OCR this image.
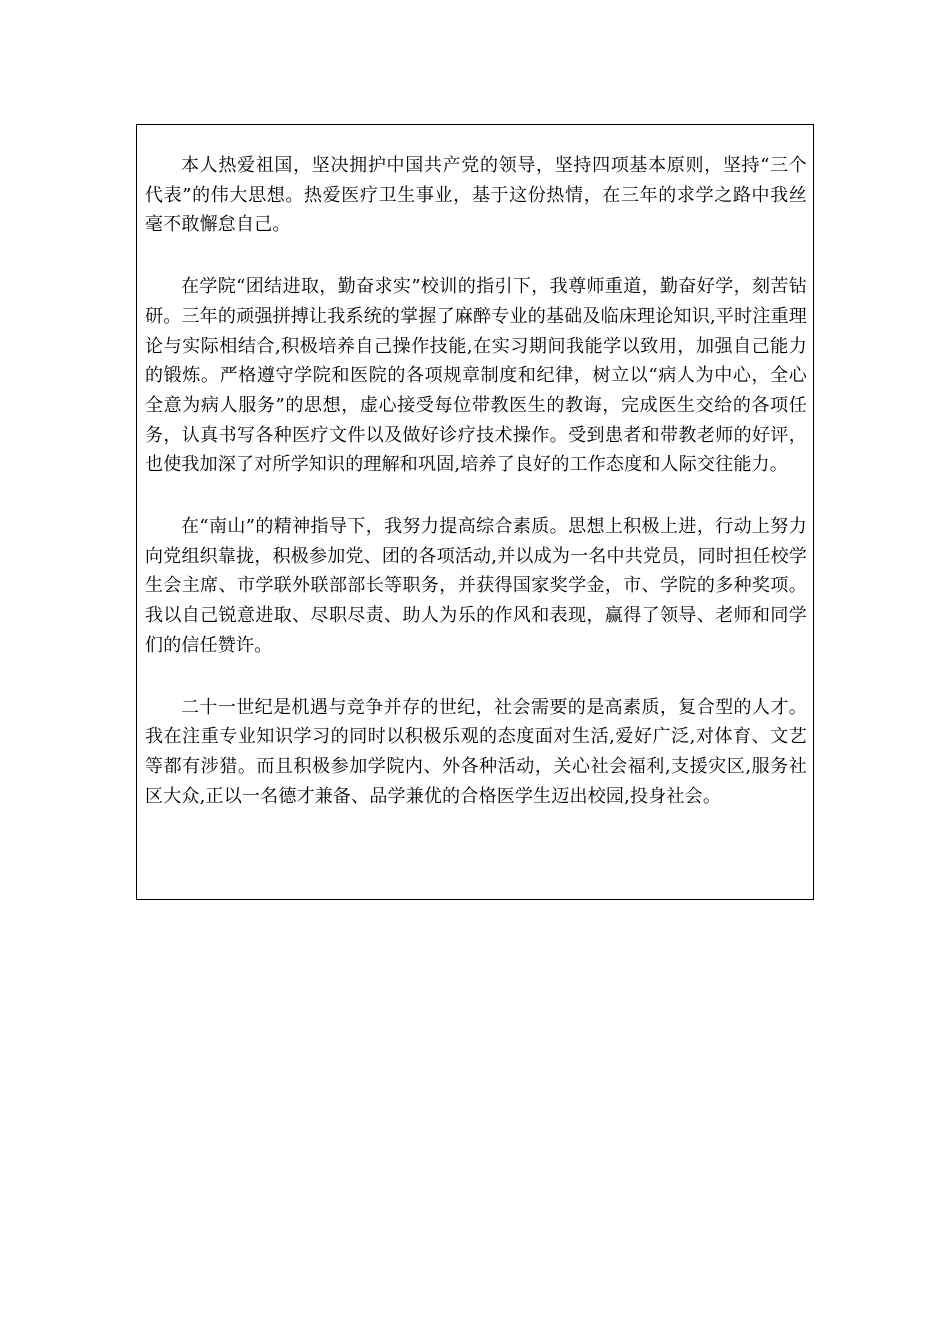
本人热爱祖国，坚决拥护中国共产党的领导，坚持四项基本原则，坚持“三个代表”的伟大思想。热爱医疗卫生事业，基于这份热情，在三年的求学之路中我丝毫不敢懈怠自己。

在学院“团结进取，勤奋求实”校训的指引下，我尊师重道，勤奋好学，刻苦钻研。三年的顽强拼搏让我系统的掌握了麻醉专业的基础及临床理论知识,平时注重理论与实际相结合,积极培养自己操作技能,在实习期间我能学以致用，加强自己能力的锻炼。严格遵守学院和医院的各项规章制度和纪律，树立以“病人为中心，全心全意为病人服务”的思想，虚心接受每位带教医生的教诲，完成医生交给的各项任务，认真书写各种医疗文件以及做好诊疗技术操作。受到患者和带教老师的好评，也使我加深了对所学知识的理解和巩固,培养了良好的工作态度和人际交往能力。

在“南山”的精神指导下，我努力提高综合素质。思想上积极上进，行动上努力向党组织靠拢，积极参加党、团的各项活动,并以成为一名中共党员，同时担任校学生会主席、市学联外联部部长等职务，并获得国家奖学金，市、学院的多种奖项。我以自己锐意进取、尽职尽责、助人为乐的作风和表现，赢得了领导、老师和同学们的信任赞许。

二十一世纪是机遇与竞争并存的世纪，社会需要的是高素质，复合型的人才。我在注重专业知识学习的同时以积极乐观的态度面对生活,爱好广泛,对体育、文艺等都有涉猎。而且积极参加学院内、外各种活动，关心社会福利,支援灾区,服务社区大众,正以一名德才兼备、品学兼优的合格医学生迈出校园,投身社会。
